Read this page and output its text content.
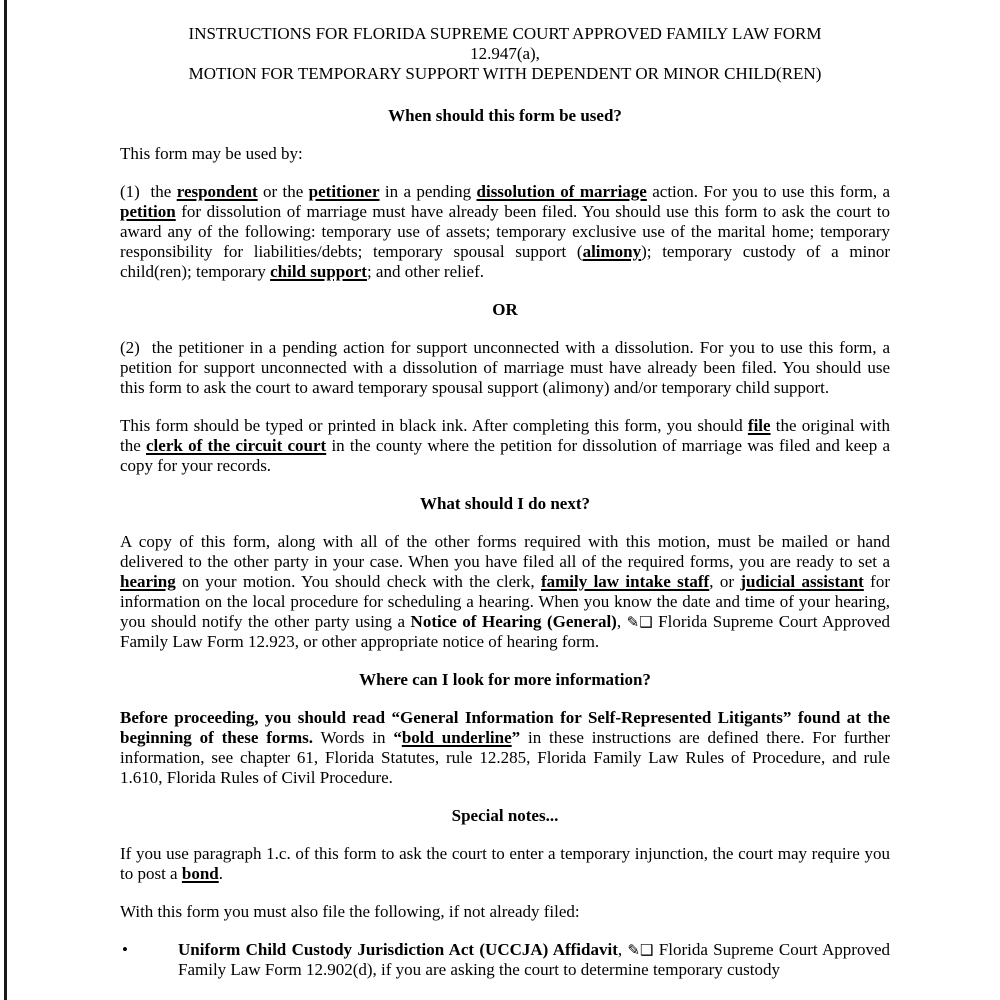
INSTRUCTIONS FOR FLORIDA SUPREME COURT APPROVED FAMILY LAW FORM
12.947(a),
MOTION FOR TEMPORARY SUPPORT WITH DEPENDENT OR MINOR CHILD(REN)
When should this form be used?

This form may be used by:

(1)  the respondent or the petitioner in a pending dissolution of marriage action. For you to use this form, a petition for dissolution of marriage must have already been filed. You should use this form to ask the court to award any of the following: temporary use of assets; temporary exclusive use of the marital home; temporary responsibility for liabilities/debts; temporary spousal support (alimony); temporary custody of a minor child(ren); temporary child support; and other relief.

OR

(2)  the petitioner in a pending action for support unconnected with a dissolution. For you to use this form, a petition for support unconnected with a dissolution of marriage must have already been filed. You should use this form to ask the court to award temporary spousal support (alimony) and/or temporary child support.

This form should be typed or printed in black ink. After completing this form, you should file the original with the clerk of the circuit court in the county where the petition for dissolution of marriage was filed and keep a copy for your records.

What should I do next?

A copy of this form, along with all of the other forms required with this motion, must be mailed or hand delivered to the other party in your case. When you have filed all of the required forms, you are ready to set a hearing on your motion. You should check with the clerk, family law intake staff, or judicial assistant for information on the local procedure for scheduling a hearing. When you know the date and time of your hearing, you should notify the other party using a Notice of Hearing (General), ✎❑ Florida Supreme Court Approved Family Law Form 12.923, or other appropriate notice of hearing form.

Where can I look for more information?

Before proceeding, you should read “General Information for Self-Represented Litigants” found at the beginning of these forms. Words in “bold underline” in these instructions are defined there. For further information, see chapter 61, Florida Statutes, rule 12.285, Florida Family Law Rules of Procedure, and rule 1.610, Florida Rules of Civil Procedure.

Special notes...

If you use paragraph 1.c. of this form to ask the court to enter a temporary injunction, the court may require you to post a bond.

With this form you must also file the following, if not already filed:

•	Uniform Child Custody Jurisdiction Act (UCCJA) Affidavit, ✎❑ Florida Supreme Court Approved Family Law Form 12.902(d), if you are asking the court to determine temporary custody
